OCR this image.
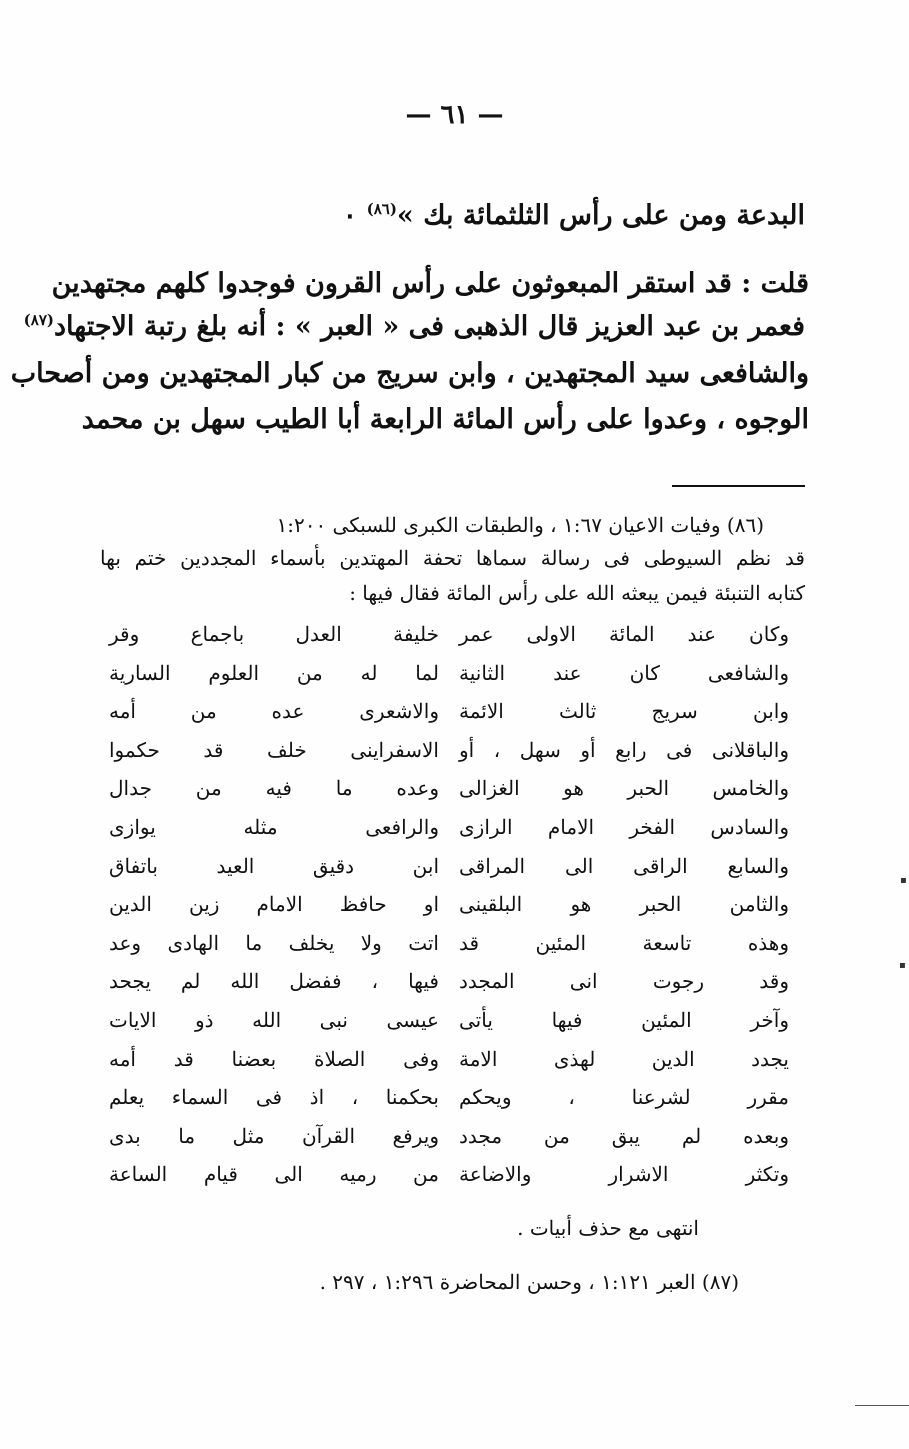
— ٦١ —
البدعة ومن على رأس الثلثمائة بك »$^{(٨٦)}$ ٠
قلت : قد استقر المبعوثون على رأس القرون فوجدوا كلهم مجتهدين
فعمر بن عبد العزيز قال الذهبى فى « العبر » : أنه بلغ رتبة الاجتهاد$^{(٨٧)}$
والشافعى سيد المجتهدين ، وابن سريج من كبار المجتهدين ومن أصحاب
الوجوه ، وعدوا على رأس المائة الرابعة أبا الطيب سهل بن محمد
(٨٦) وفيات الاعيان ١:٦٧ ، والطبقات الكبرى للسبكى ١:٢٠٠
قد نظم السيوطى فى رسالة سماها تحفة المهتدين بأسماء المجددين ختم بها
كتابه التنبئة فيمن يبعثه الله على رأس المائة فقال فيها :
وكان عند المائة الاولى عمر
خليفة العدل باجماع وقر
والشافعى كان عند الثانية
لما له من العلوم السارية
وابن سريج ثالث الائمة
والاشعرى عده من أمه
والباقلانى فى رابع أو سهل ، أو
الاسفراينى خلف قد حكموا
والخامس الحبر هو الغزالى
وعده ما فيه من جدال
والسادس الفخر الامام الرازى
والرافعى مثله يوازى
والسابع الراقى الى المراقى
ابن دقيق العيد باتفاق
والثامن الحبر هو البلقينى
او حافظ الامام زين الدين
وهذه تاسعة المئين قد
اتت ولا يخلف ما الهادى وعد
وقد رجوت انى المجدد
فيها ، ففضل الله لم يجحد
وآخر المئين فيها يأتى
عيسى نبى الله ذو الايات
يجدد الدين لهذى الامة
وفى الصلاة بعضنا قد أمه
مقرر لشرعنا ، ويحكم
بحكمنا ، اذ فى السماء يعلم
وبعده لم يبق من مجدد
ويرفع القرآن مثل ما بدى
وتكثر الاشرار والاضاعة
من رميه الى قيام الساعة
انتهى مع حذف أبيات .
(٨٧) العبر ١:١٢١ ، وحسن المحاضرة ١:٢٩٦ ، ٢٩٧ .
▪
▪
